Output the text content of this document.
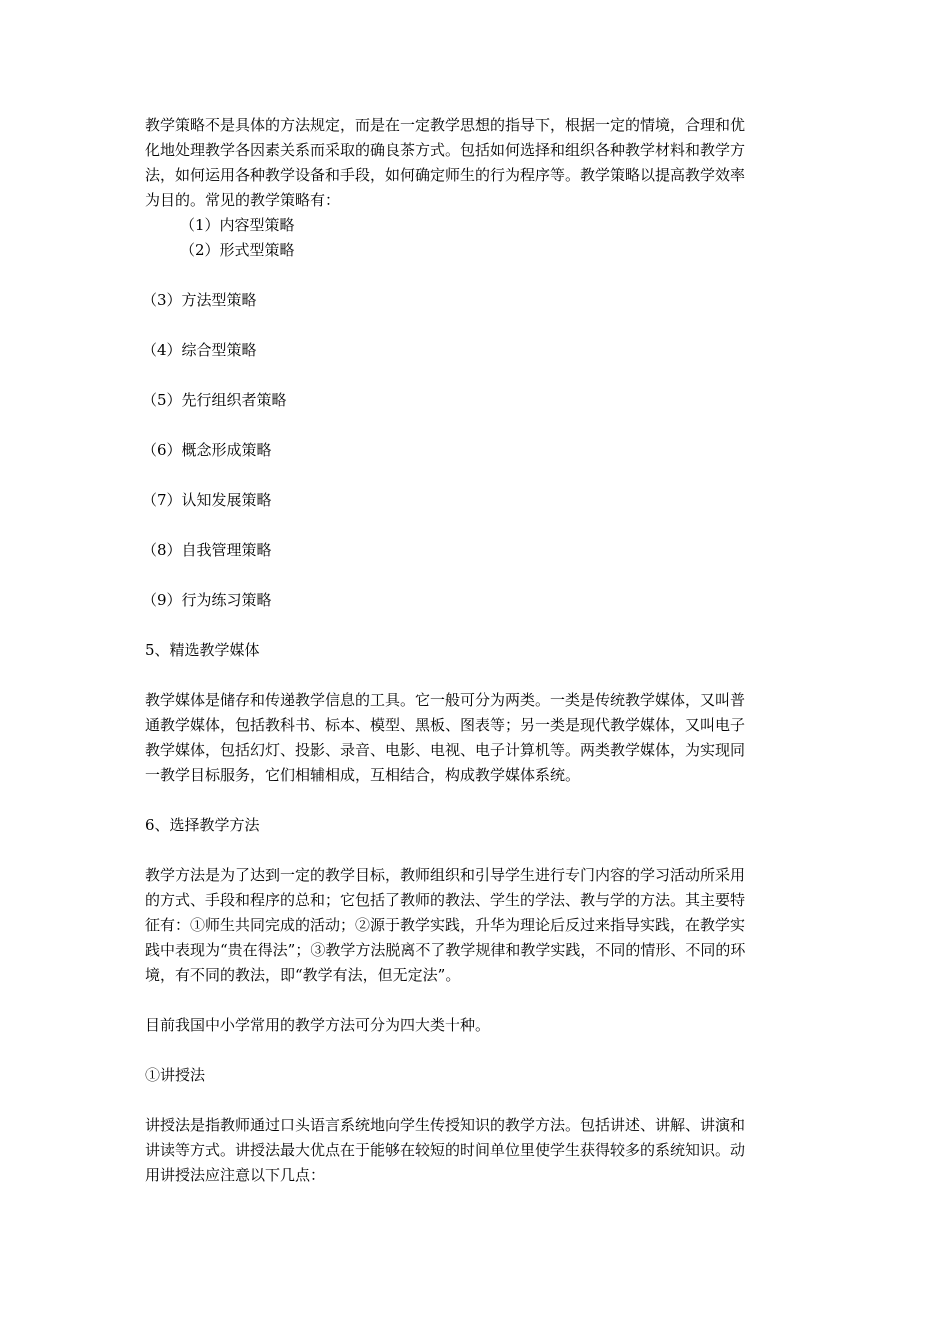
教学策略不是具体的方法规定，而是在一定教学思想的指导下，根据一定的情境，合理和优
化地处理教学各因素关系而采取的确良茶方式。包括如何选择和组织各种教学材料和教学方
法，如何运用各种教学设备和手段，如何确定师生的行为程序等。教学策略以提高教学效率
为目的。常见的教学策略有：
（1）内容型策略
（2）形式型策略
（3）方法型策略
（4）综合型策略
（5）先行组织者策略
（6）概念形成策略
（7）认知发展策略
（8）自我管理策略
（9）行为练习策略
5、精选教学媒体
教学媒体是储存和传递教学信息的工具。它一般可分为两类。一类是传统教学媒体，又叫普
通教学媒体，包括教科书、标本、模型、黑板、图表等；另一类是现代教学媒体，又叫电子
教学媒体，包括幻灯、投影、录音、电影、电视、电子计算机等。两类教学媒体，为实现同
一教学目标服务，它们相辅相成，互相结合，构成教学媒体系统。
6、选择教学方法
教学方法是为了达到一定的教学目标，教师组织和引导学生进行专门内容的学习活动所采用
的方式、手段和程序的总和；它包括了教师的教法、学生的学法、教与学的方法。其主要特
征有：①师生共同完成的活动；②源于教学实践，升华为理论后反过来指导实践，在教学实
践中表现为“贵在得法”；③教学方法脱离不了教学规律和教学实践，不同的情形、不同的环
境，有不同的教法，即“教学有法，但无定法”。
目前我国中小学常用的教学方法可分为四大类十种。
①讲授法
讲授法是指教师通过口头语言系统地向学生传授知识的教学方法。包括讲述、讲解、讲演和
讲读等方式。讲授法最大优点在于能够在较短的时间单位里使学生获得较多的系统知识。动
用讲授法应注意以下几点：
